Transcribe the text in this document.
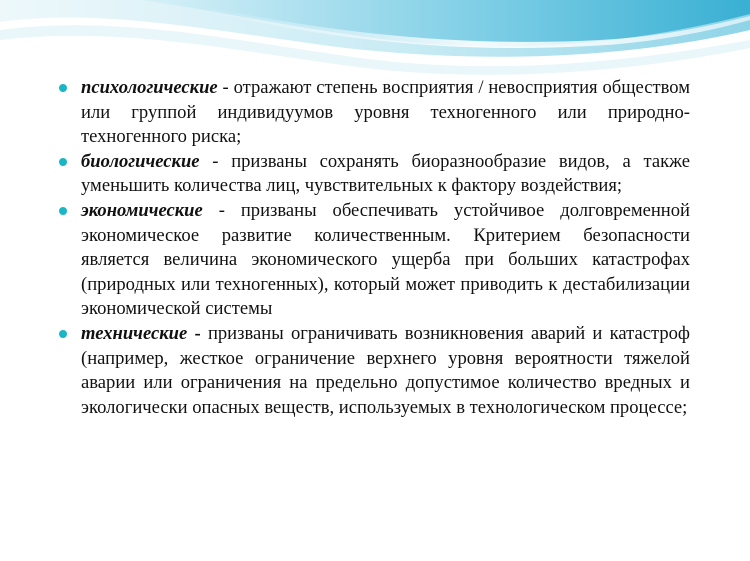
психологические - отражают степень восприятия / невосприятия обществом или группой индивидуумов уровня техногенного или природно-техногенного риска;
биологические - призваны сохранять биоразнообразие видов, а также уменьшить количества лиц, чувствительных к фактору воздействия;
экономические - призваны обеспечивать устойчивое долговременной экономическое развитие количественным. Критерием безопасности является величина экономического ущерба при больших катастрофах (природных или техногенных), который может приводить к дестабилизации экономической системы
технические - призваны ограничивать возникновения аварий и катастроф (например, жесткое ограничение верхнего уровня вероятности тяжелой аварии или ограничения на предельно допустимое количество вредных и экологически опасных веществ, используемых в технологическом процессе;
